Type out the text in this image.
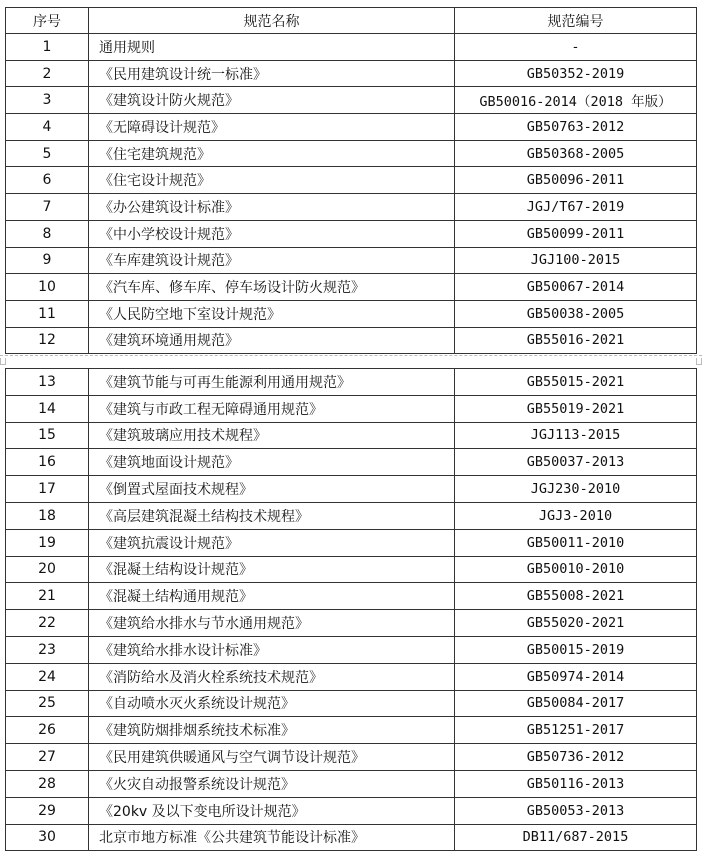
序号	规范名称	规范编号
1	通用规则	-
2	《民用建筑设计统一标准》	GB50352-2019
3	《建筑设计防火规范》	GB50016-2014（2018 年版）
4	《无障碍设计规范》	GB50763-2012
5	《住宅建筑规范》	GB50368-2005
6	《住宅设计规范》	GB50096-2011
7	《办公建筑设计标准》	JGJ/T67-2019
8	《中小学校设计规范》	GB50099-2011
9	《车库建筑设计规范》	JGJ100-2015
10	《汽车库、修车库、停车场设计防火规范》	GB50067-2014
11	《人民防空地下室设计规范》	GB50038-2005
12	《建筑环境通用规范》	GB55016-2021
13	《建筑节能与可再生能源利用通用规范》	GB55015-2021
14	《建筑与市政工程无障碍通用规范》	GB55019-2021
15	《建筑玻璃应用技术规程》	JGJ113-2015
16	《建筑地面设计规范》	GB50037-2013
17	《倒置式屋面技术规程》	JGJ230-2010
18	《高层建筑混凝土结构技术规程》	JGJ3-2010
19	《建筑抗震设计规范》	GB50011-2010
20	《混凝土结构设计规范》	GB50010-2010
21	《混凝土结构通用规范》	GB55008-2021
22	《建筑给水排水与节水通用规范》	GB55020-2021
23	《建筑给水排水设计标准》	GB50015-2019
24	《消防给水及消火栓系统技术规范》	GB50974-2014
25	《自动喷水灭火系统设计规范》	GB50084-2017
26	《建筑防烟排烟系统技术标准》	GB51251-2017
27	《民用建筑供暖通风与空气调节设计规范》	GB50736-2012
28	《火灾自动报警系统设计规范》	GB50116-2013
29	《20kv 及以下变电所设计规范》	GB50053-2013
30	北京市地方标准《公共建筑节能设计标准》	DB11/687-2015
